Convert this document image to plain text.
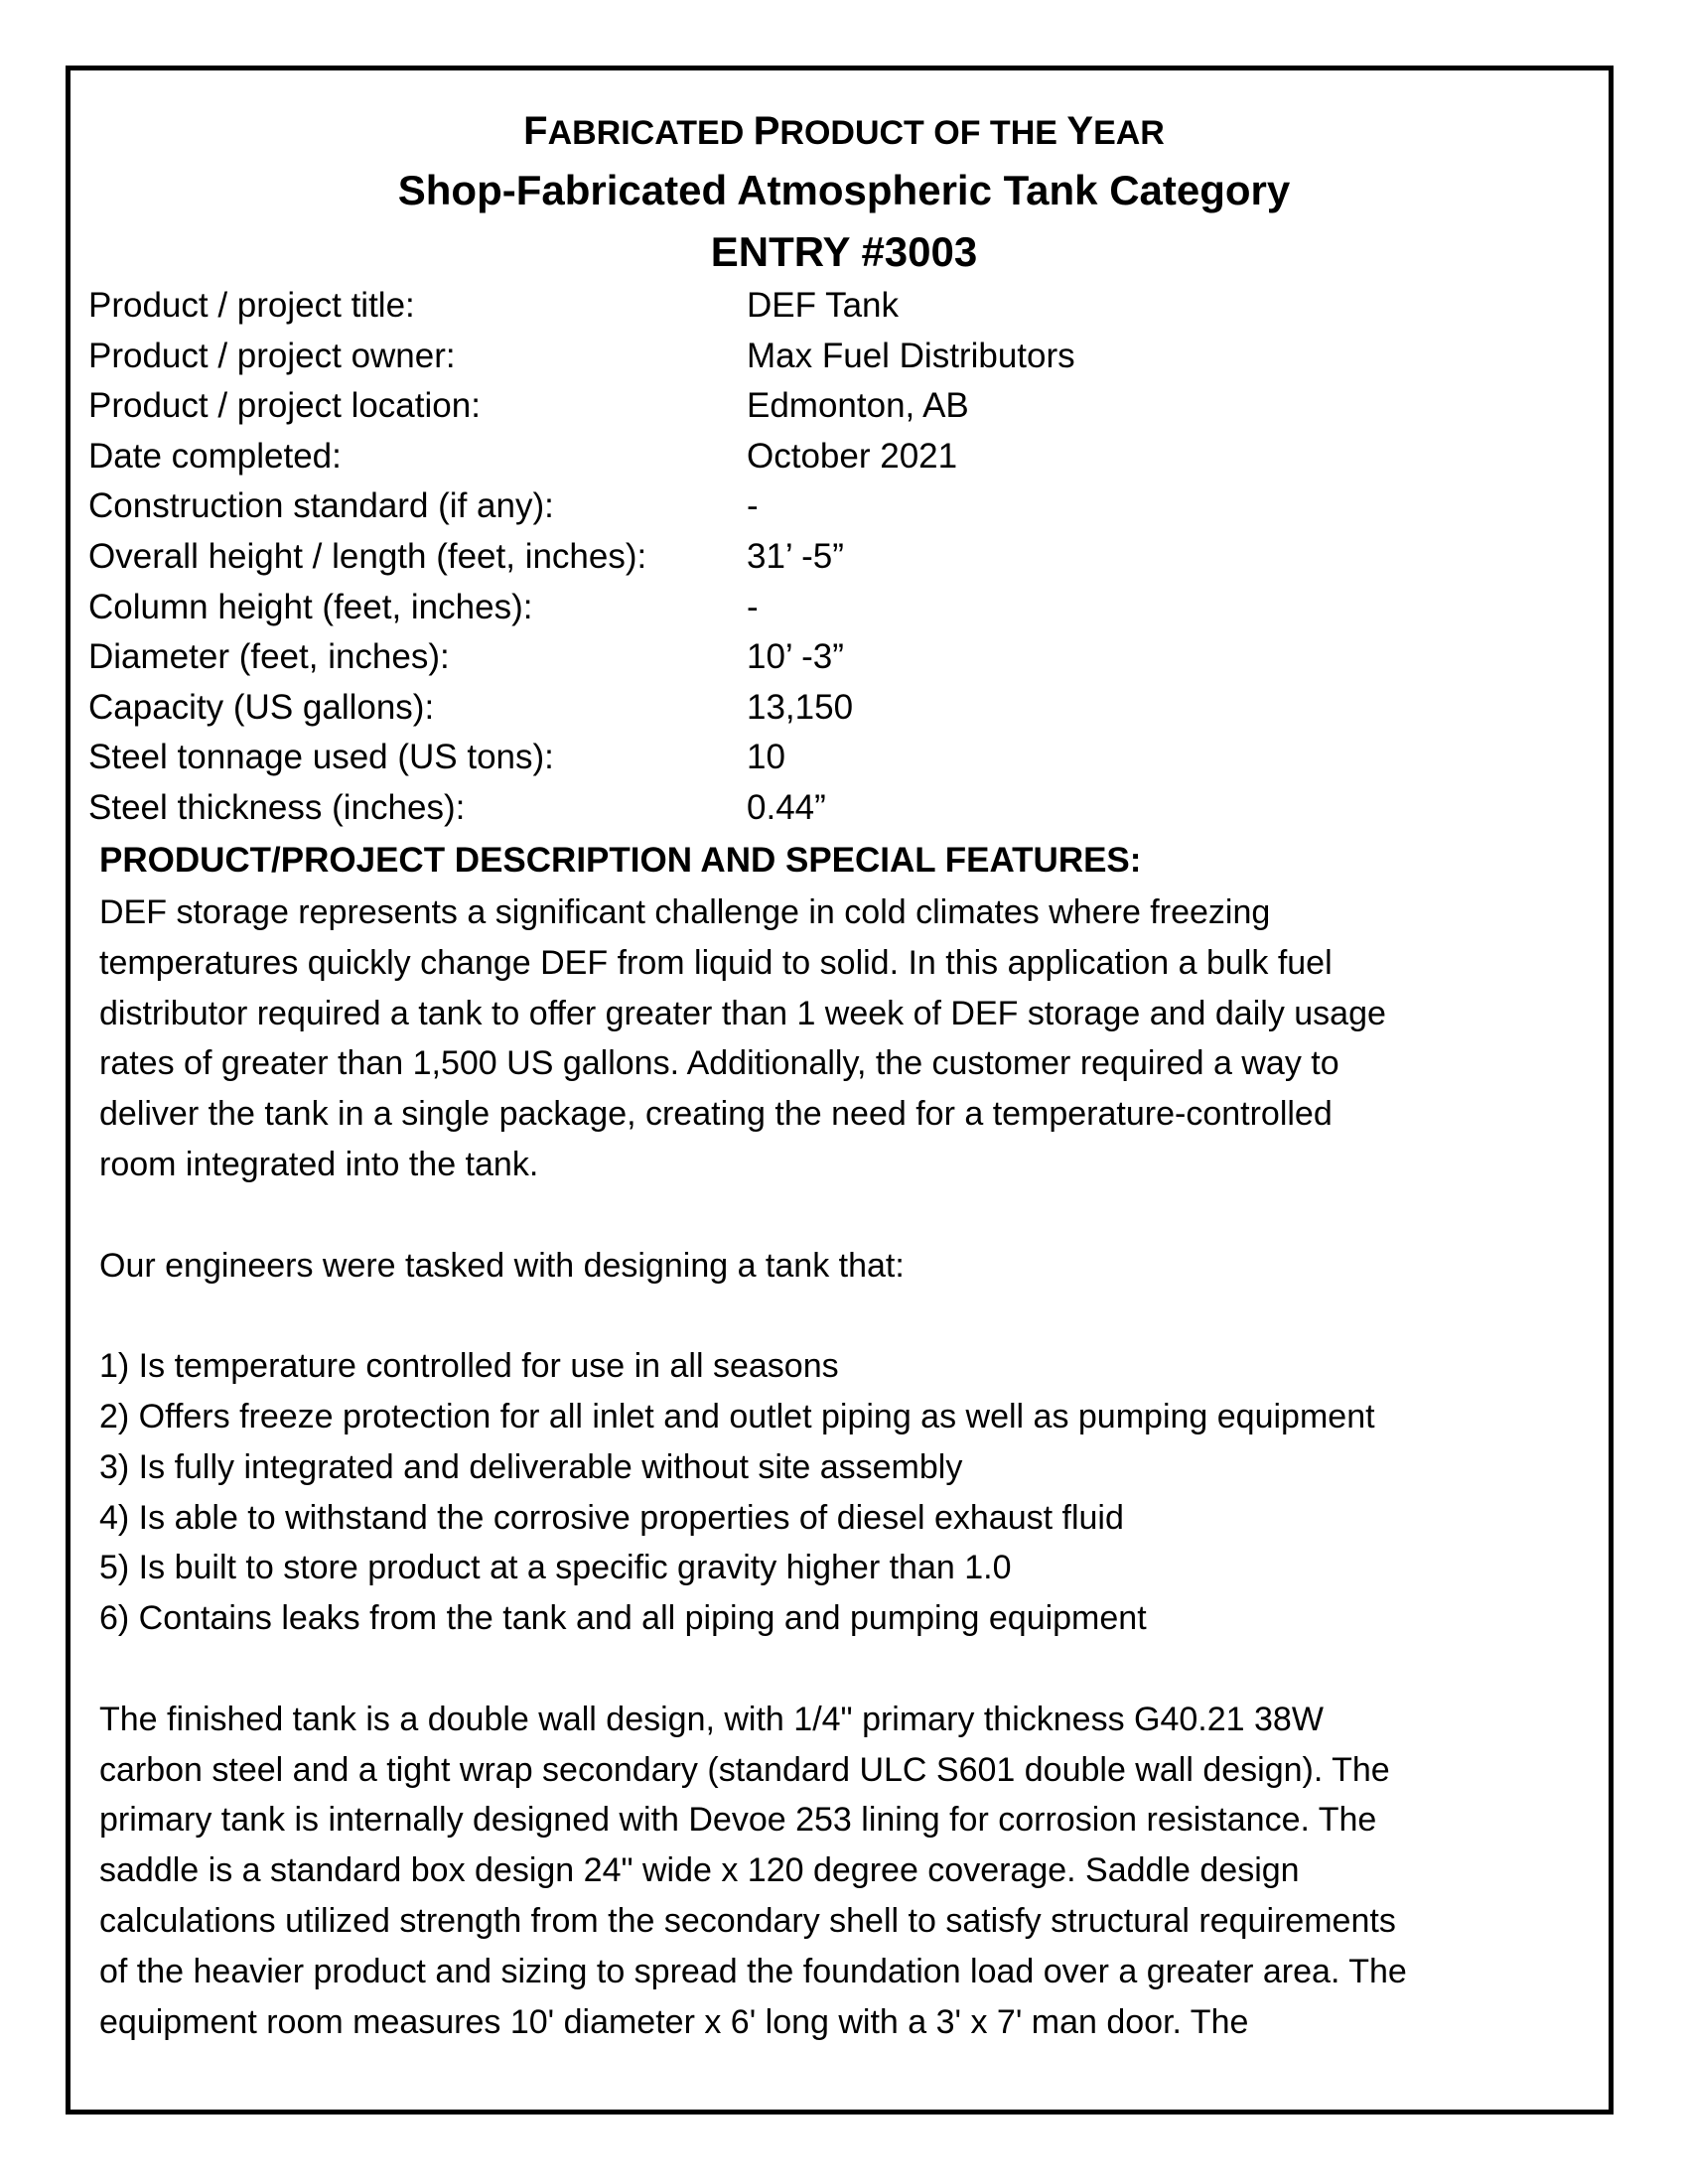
FABRICATED PRODUCT OF THE YEAR
Shop-Fabricated Atmospheric Tank Category
ENTRY #3003
Product / project title:	DEF Tank
Product / project owner:	Max Fuel Distributors
Product / project location:	Edmonton, AB
Date completed:	October 2021
Construction standard (if any):	-
Overall height / length (feet, inches):	31’ -5”
Column height (feet, inches):	-
Diameter (feet, inches):	10’ -3”
Capacity (US gallons):	13,150
Steel tonnage used (US tons):	10
Steel thickness (inches):	0.44”
PRODUCT/PROJECT DESCRIPTION AND SPECIAL FEATURES:
DEF storage represents a significant challenge in cold climates where freezing
temperatures quickly change DEF from liquid to solid. In this application a bulk fuel
distributor required a tank to offer greater than 1 week of DEF storage and daily usage
rates of greater than 1,500 US gallons. Additionally, the customer required a way to
deliver the tank in a single package, creating the need for a temperature-controlled
room integrated into the tank.
Our engineers were tasked with designing a tank that:
1) Is temperature controlled for use in all seasons
2) Offers freeze protection for all inlet and outlet piping as well as pumping equipment
3) Is fully integrated and deliverable without site assembly
4) Is able to withstand the corrosive properties of diesel exhaust fluid
5) Is built to store product at a specific gravity higher than 1.0
6) Contains leaks from the tank and all piping and pumping equipment
The finished tank is a double wall design, with 1/4" primary thickness G40.21 38W
carbon steel and a tight wrap secondary (standard ULC S601 double wall design). The
primary tank is internally designed with Devoe 253 lining for corrosion resistance. The
saddle is a standard box design 24" wide x 120 degree coverage. Saddle design
calculations utilized strength from the secondary shell to satisfy structural requirements
of the heavier product and sizing to spread the foundation load over a greater area. The
equipment room measures 10' diameter x 6' long with a 3' x 7' man door. The
